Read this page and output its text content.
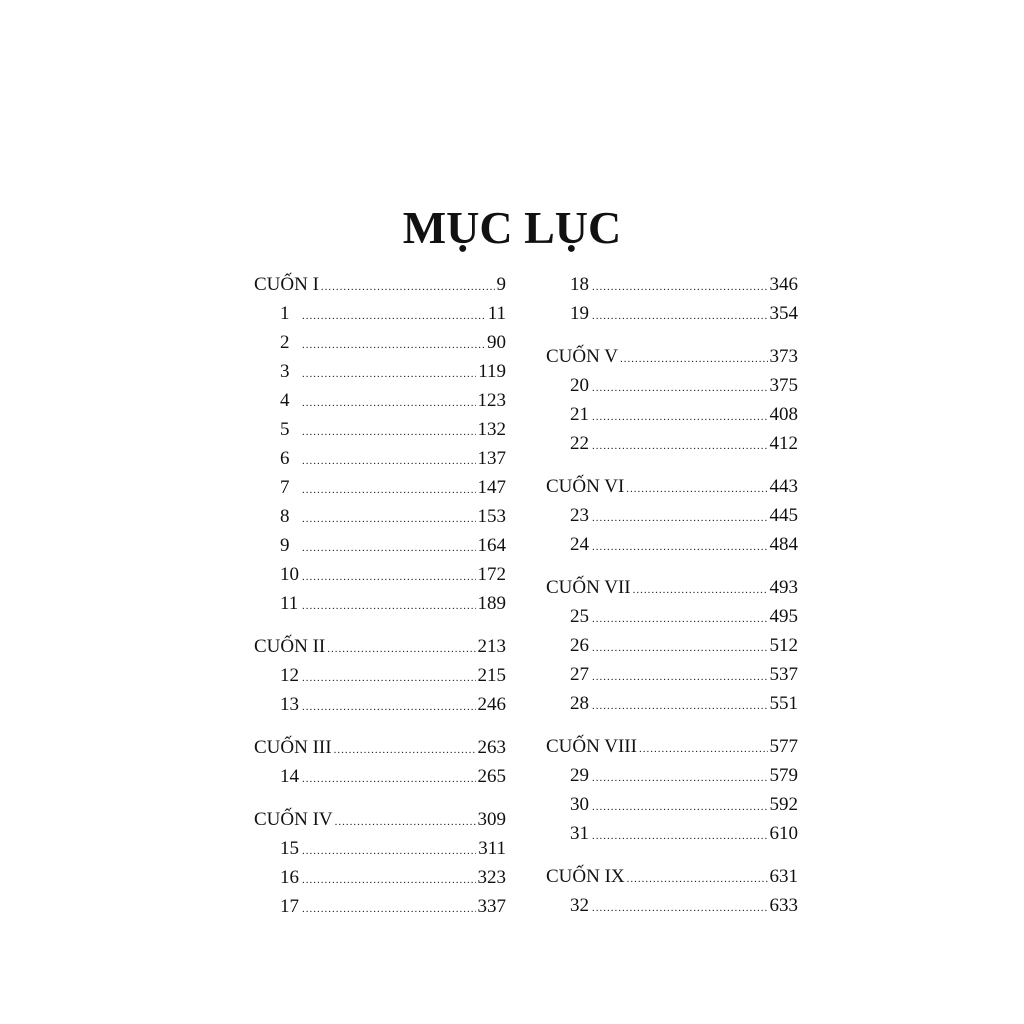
MỤC LỤC
CUỐN I .....	9
1 .....	11
2 .....	90
3 .....	119
4 .....	123
5 .....	132
6 .....	137
7 .....	147
8 .....	153
9 .....	164
10 .....	172
11 .....	189
CUỐN II .....	213
12 .....	215
13 .....	246
CUỐN III .....	263
14 .....	265
CUỐN IV .....	309
15 .....	311
16 .....	323
17 .....	337
18 .....	346
19 .....	354
CUỐN V .....	373
20 .....	375
21 .....	408
22 .....	412
CUỐN VI .....	443
23 .....	445
24 .....	484
CUỐN VII .....	493
25 .....	495
26 .....	512
27 .....	537
28 .....	551
CUỐN VIII .....	577
29 .....	579
30 .....	592
31 .....	610
CUỐN IX .....	631
32 .....	633
